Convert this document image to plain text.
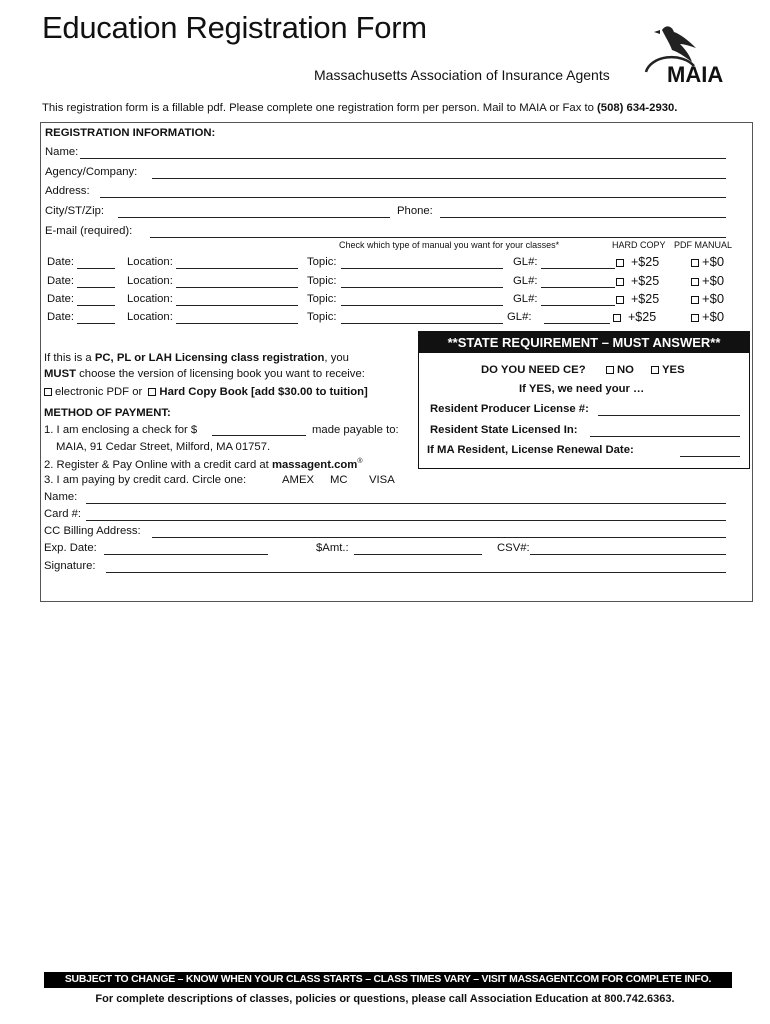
Education Registration Form
Massachusetts Association of Insurance Agents	MAIA
This registration form is a fillable pdf. Please complete one registration form per person. Mail to MAIA or Fax to (508) 634-2930.
REGISTRATION INFORMATION:
Name:
Agency/Company:
Address:
City/ST/Zip:	Phone:
E-mail (required):
Check which type of manual you want for your classes*	HARD COPY PDF MANUAL
Date:	Location:	Topic:	GL#:	+$25	+$0
Date:	Location:	Topic:	GL#:	+$25	+$0
Date:	Location:	Topic:	GL#:	+$25	+$0
Date:	Location:	Topic:	GL#:	+$25	+$0
If this is a PC, PL or LAH Licensing class registration, you
MUST choose the version of licensing book you want to receive:
electronic PDF or Hard Copy Book [add $30.00 to tuition]
METHOD OF PAYMENT:
1. I am enclosing a check for $	made payable to:
MAIA, 91 Cedar Street, Milford, MA 01757.
2. Register & Pay Online with a credit card at massagent.com®
3. I am paying by credit card. Circle one:	AMEX MC VISA
Name:
Card #:
CC Billing Address:
Exp. Date:	$Amt.:	CSV#:
Signature:
**STATE REQUIREMENT – MUST ANSWER**
DO YOU NEED CE?	NO	YES
If YES, we need your …
Resident Producer License #:
Resident State Licensed In:
If MA Resident, License Renewal Date:
SUBJECT TO CHANGE – KNOW WHEN YOUR CLASS STARTS – CLASS TIMES VARY – VISIT MASSAGENT.COM FOR COMPLETE INFO.
For complete descriptions of classes, policies or questions, please call Association Education at 800.742.6363.
